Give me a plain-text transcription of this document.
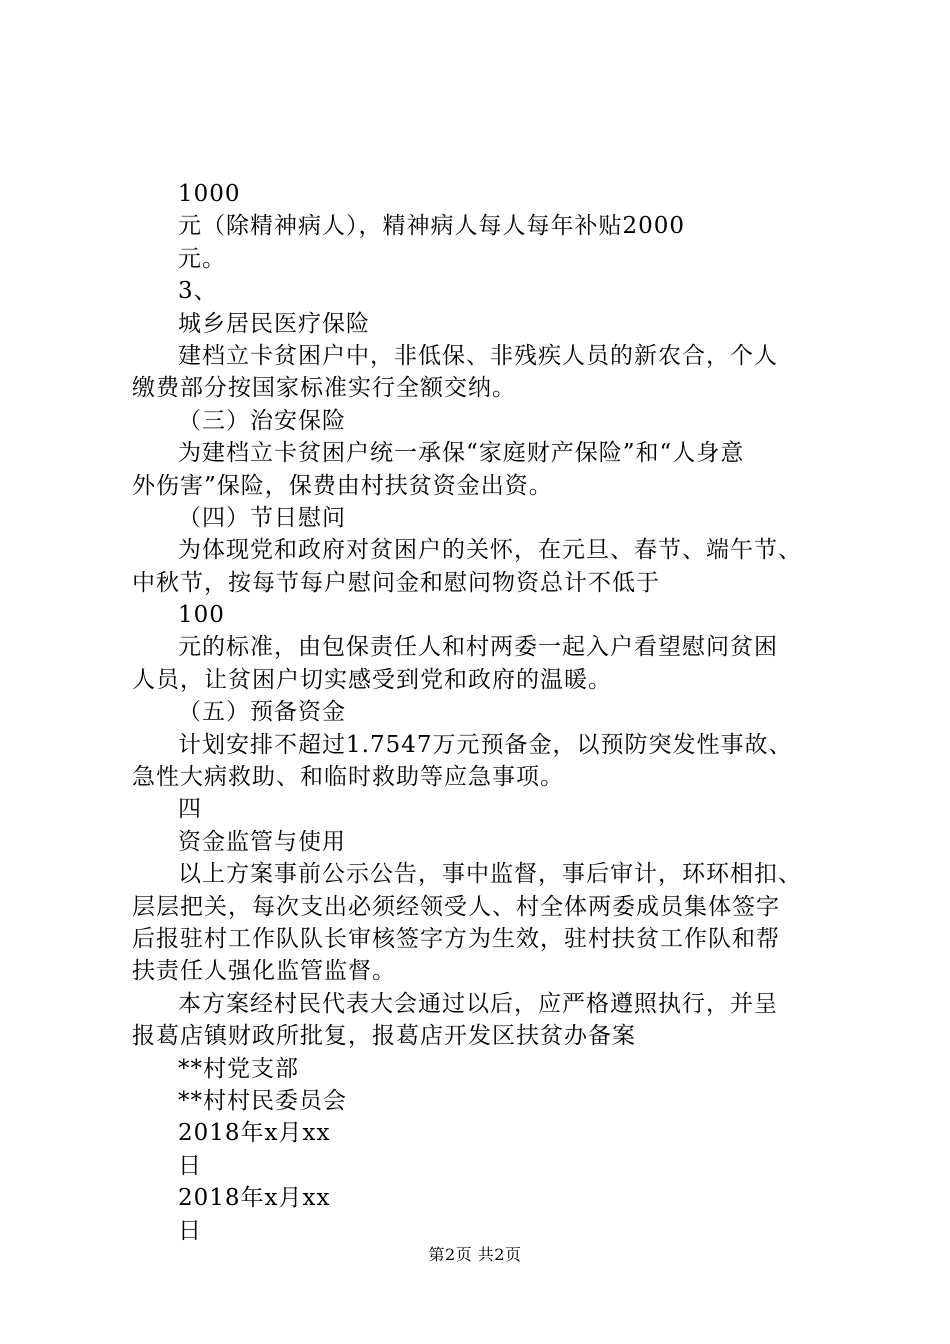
1000
元（除精神病人），精神病人每人每年补贴2000
元。
3、
城乡居民医疗保险
建档立卡贫困户中，非低保、非残疾人员的新农合，个人
缴费部分按国家标准实行全额交纳。
（三）治安保险
为建档立卡贫困户统一承保“家庭财产保险”和“人身意
外伤害”保险，保费由村扶贫资金出资。
（四）节日慰问
为体现党和政府对贫困户的关怀，在元旦、春节、端午节、
中秋节，按每节每户慰问金和慰问物资总计不低于
100
元的标准，由包保责任人和村两委一起入户看望慰问贫困
人员，让贫困户切实感受到党和政府的温暖。
（五）预备资金
计划安排不超过1.7547万元预备金，以预防突发性事故、
急性大病救助、和临时救助等应急事项。
四
资金监管与使用
以上方案事前公示公告，事中监督，事后审计，环环相扣、
层层把关，每次支出必须经领受人、村全体两委成员集体签字
后报驻村工作队队长审核签字方为生效，驻村扶贫工作队和帮
扶责任人强化监管监督。
本方案经村民代表大会通过以后，应严格遵照执行，并呈
报葛店镇财政所批复，报葛店开发区扶贫办备案
**村党支部
**村村民委员会
2018年x月xx
日
2018年x月xx
日
第2页 共2页
